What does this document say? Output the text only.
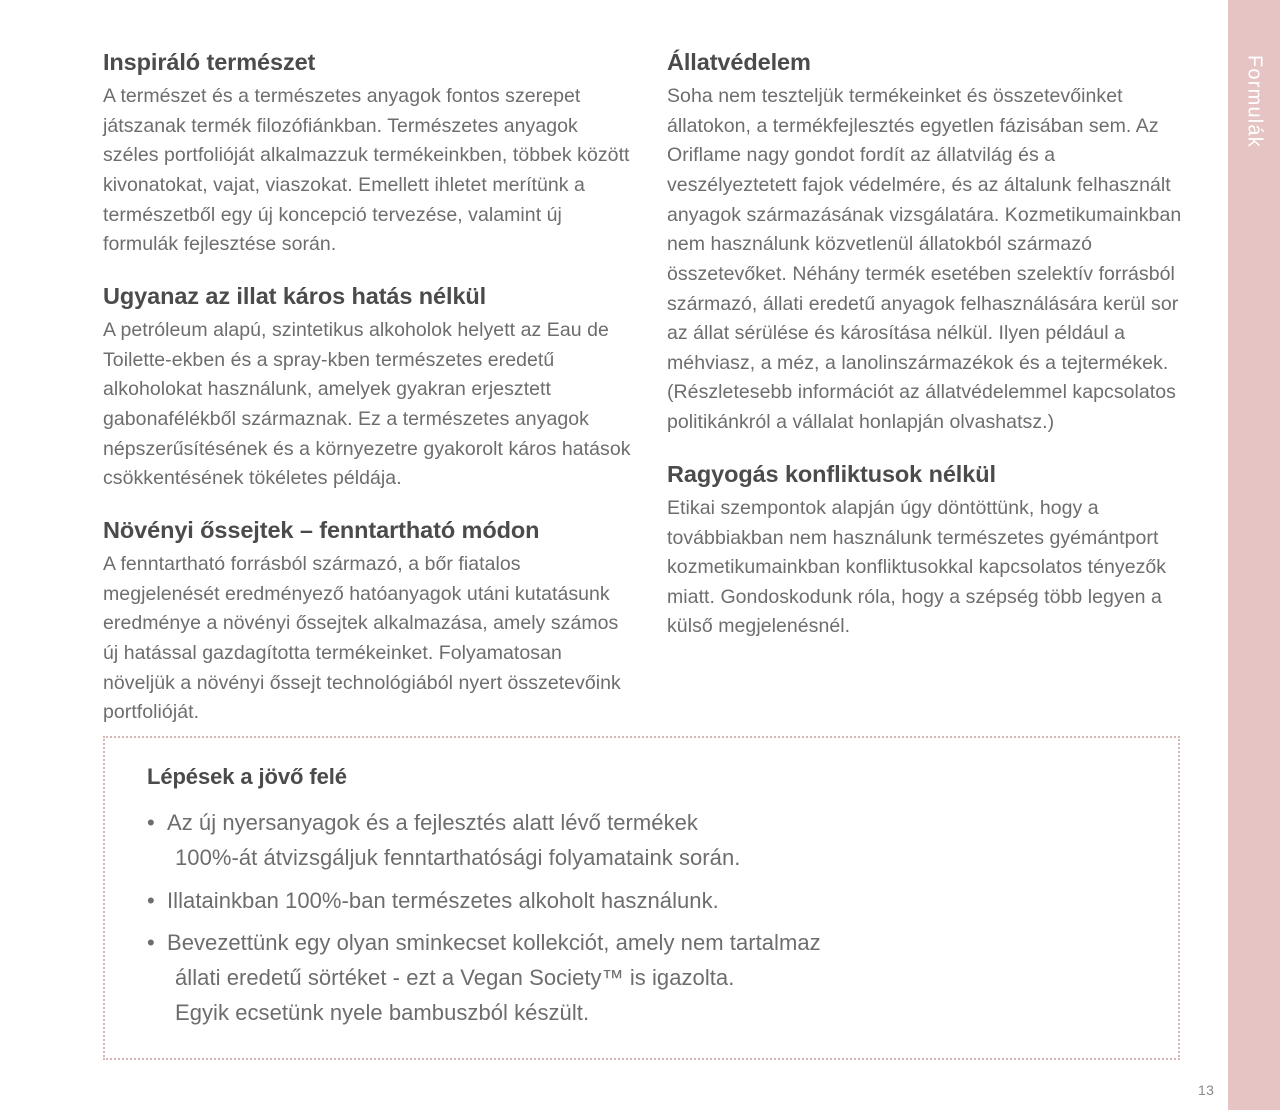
Inspiráló természet

A természet és a természetes anyagok fontos szerepet játszanak termék filozófiánkban. Természetes anyagok széles portfolióját alkalmazzuk termékeinkben, többek között kivonatokat, vajat, viaszokat. Emellett ihletet merítünk a természetből egy új koncepció tervezése, valamint új formulák fejlesztése során.

Ugyanaz az illat káros hatás nélkül

A petróleum alapú, szintetikus alkoholok helyett az Eau de Toilette-ekben és a spray-kben természetes eredetű alkoholokat használunk, amelyek gyakran erjesztett gabonafélékből származnak. Ez a természetes anyagok népszerűsítésének és a környezetre gyakorolt káros hatások csökkentésének tökéletes példája.

Növényi őssejtek – fenntartható módon

A fenntartható forrásból származó, a bőr fiatalos megjelenését eredményező hatóanyagok utáni kutatásunk eredménye a növényi őssejtek alkalmazása, amely számos új hatással gazdagította termékeinket. Folyamatosan növeljük a növényi őssejt technológiából nyert összetevőink portfolióját.

Állatvédelem

Soha nem teszteljük termékeinket és összetevőinket állatokon, a termékfejlesztés egyetlen fázisában sem. Az Oriflame nagy gondot fordít az állatvilág és a veszélyeztetett fajok védelmére, és az általunk felhasznált anyagok származásának vizsgálatára. Kozmetikumainkban nem használunk közvetlenül állatokból származó összetevőket. Néhány termék esetében szelektív forrásból származó, állati eredetű anyagok felhasználására kerül sor az állat sérülése és károsítása nélkül. Ilyen például a méhviasz, a méz, a lanolinszármazékok és a tejtermékek. (Részletesebb információt az állatvédelemmel kapcsolatos politikánkról a vállalat honlapján olvashatsz.)

Ragyogás konfliktusok nélkül

Etikai szempontok alapján úgy döntöttünk, hogy a továbbiakban nem használunk természetes gyémántport kozmetikumainkban konfliktusokkal kapcsolatos tényezők miatt. Gondoskodunk róla, hogy a szépség több legyen a külső megjelenésnél.

Lépések a jövő felé
• Az új nyersanyagok és a fejlesztés alatt lévő termékek
100%-át átvizsgáljuk fenntarthatósági folyamataink során.
• Illatainkban 100%-ban természetes alkoholt használunk.
• Bevezettünk egy olyan sminkecset kollekciót, amely nem tartalmaz
állati eredetű sörtéket - ezt a Vegan Society™ is igazolta.
Egyik ecsetünk nyele bambuszból készült.
13
Formulák
